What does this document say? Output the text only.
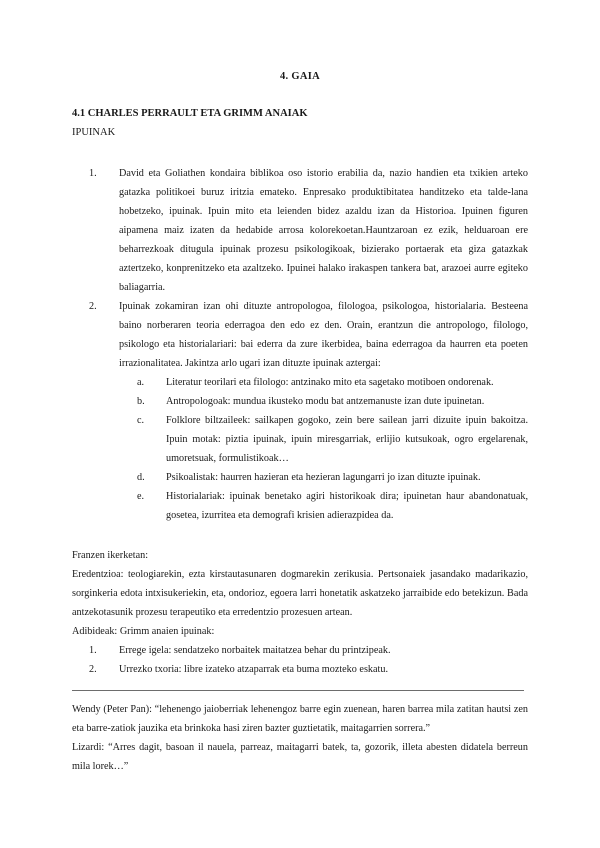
4. GAIA
4.1 CHARLES PERRAULT ETA GRIMM ANAIAK
IPUINAK
1. David eta Goliathen kondaira biblikoa oso istorio erabilia da, nazio handien eta txikien arteko gatazka politikoei buruz iritzia emateko. Enpresako produktibitatea handitzeko eta talde-lana hobetzeko, ipuinak. Ipuin mito eta leienden bidez azaldu izan da Historioa. Ipuinen figuren aipamena maiz izaten da hedabide arrosa kolorekoetan.Hauntzaroan ez ezik, helduaroan ere beharrezkoak ditugula ipuinak prozesu psikologikoak, bizierako portaerak eta giza gatazkak aztertzeko, konprenitzeko eta azaltzeko. Ipuinei halako irakaspen tankera bat, arazoei aurre egiteko baliagarria.

2. Ipuinak zokamiran izan ohi dituzte antropologoa, filologoa, psikologoa, historialaria. Besteena baino norberaren teoria ederragoa den edo ez den. Orain, erantzun die antropologo, filologo, psikologo eta historialariari: bai ederra da zure ikerbidea, baina ederragoa da haurren eta poeten irrazionalitatea. Jakintza arlo ugari izan dituzte ipuinak aztergai:

a. Literatur teorilari eta filologo: antzinako mito eta sagetako motiboen ondorenak.

b. Antropologoak: mundua ikusteko modu bat antzemanuste izan dute ipuinetan.

c. Folklore biltzaileek: sailkapen gogoko, zein bere sailean jarri dizuite ipuin bakoitza. Ipuin motak: piztia ipuinak, ipuin miresgarriak, erlijio kutsukoak, ogro ergelarenak, umoretsuak, formulistikoak…

d. Psikoalistak: haurren hazieran eta hezieran lagungarri jo izan dituzte ipuinak.

e. Historialariak: ipuinak benetako agiri historikoak dira; ipuinetan haur abandonatuak, gosetea, izurritea eta demografi krisien adierazpidea da.

Franzen ikerketan:

Eredentzioa: teologiarekin, ezta kirstautasunaren dogmarekin zerikusia. Pertsonaiek jasandako madarikazio, sorginkeria edota intxisukeriekin, eta, ondorioz, egoera larri honetatik askatzeko jarraibide edo betekizun. Bada antzekotasunik prozesu terapeutiko eta erredentzio prozesuen artean.

Adibideak: Grimm anaien ipuinak:

1. Errege igela: sendatzeko norbaitek maitatzea behar du printzipeak.

2. Urrezko txoria: libre izateko atzaparrak eta buma mozteko eskatu.

Wendy (Peter Pan): “lehenengo jaioberriak lehenengoz barre egin zuenean, haren barrea mila zatitan hautsi zen eta barre-zatiok jauzika eta brinkoka hasi ziren bazter guztietatik, maitagarrien sorrera.”

Lizardi: “Arres dagit, basoan il nauela, parreaz, maitagarri batek, ta, gozorik, illeta abesten didatela berreun mila lorek…”
